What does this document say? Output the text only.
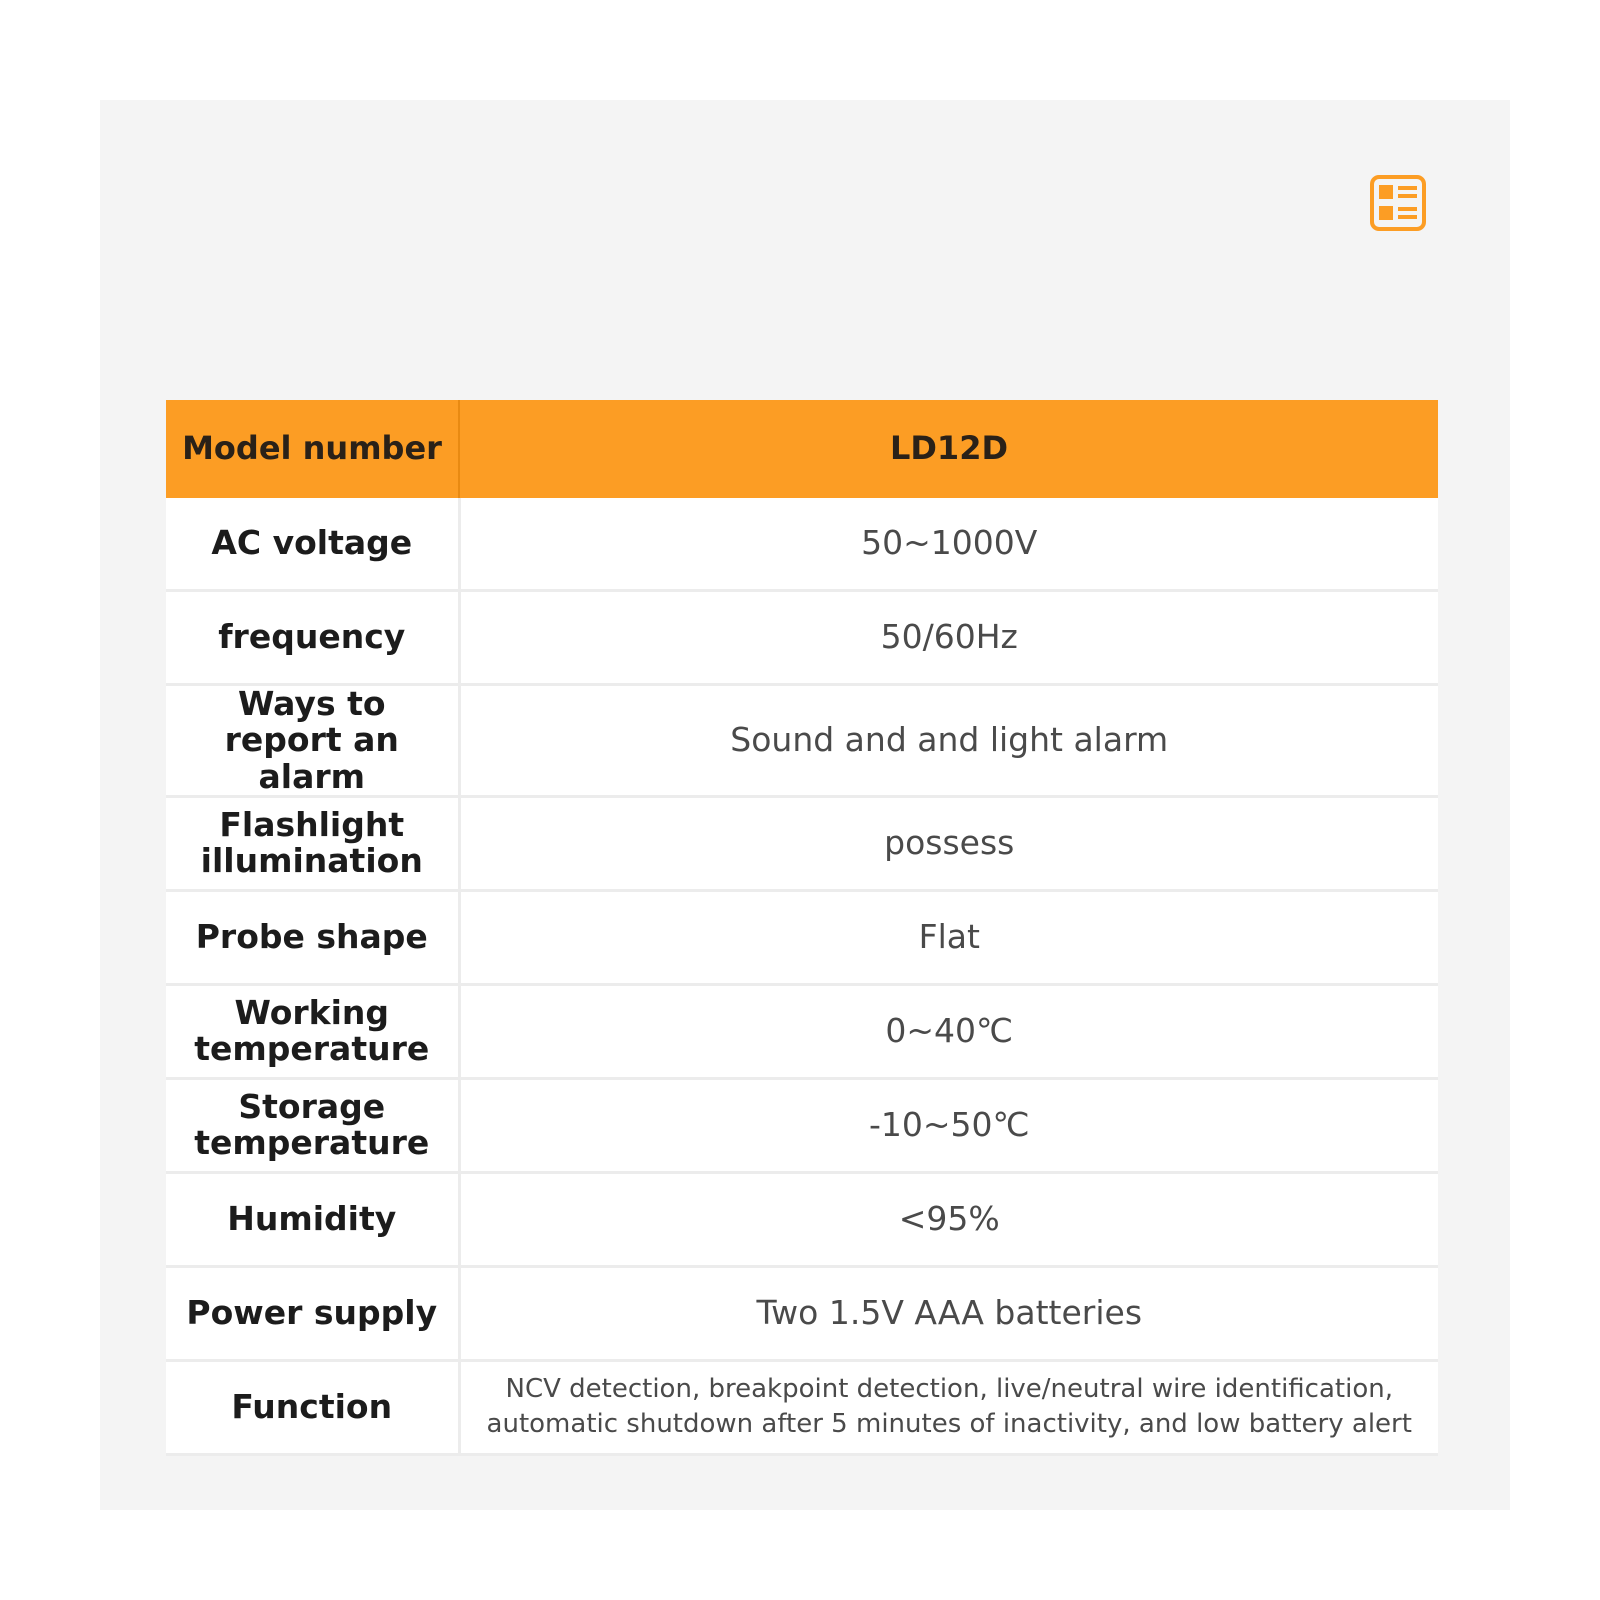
Model number	LD12D
AC voltage	50~1000V
frequency	50/60Hz
Ways to report an alarm	Sound and and light alarm
Flashlight illumination	possess
Probe shape	Flat
Working temperature	0~40℃
Storage temperature	-10~50℃
Humidity	<95%
Power supply	Two 1.5V AAA batteries
Function	NCV detection, breakpoint detection, live/neutral wire identification, automatic shutdown after 5 minutes of inactivity, and low battery alert
